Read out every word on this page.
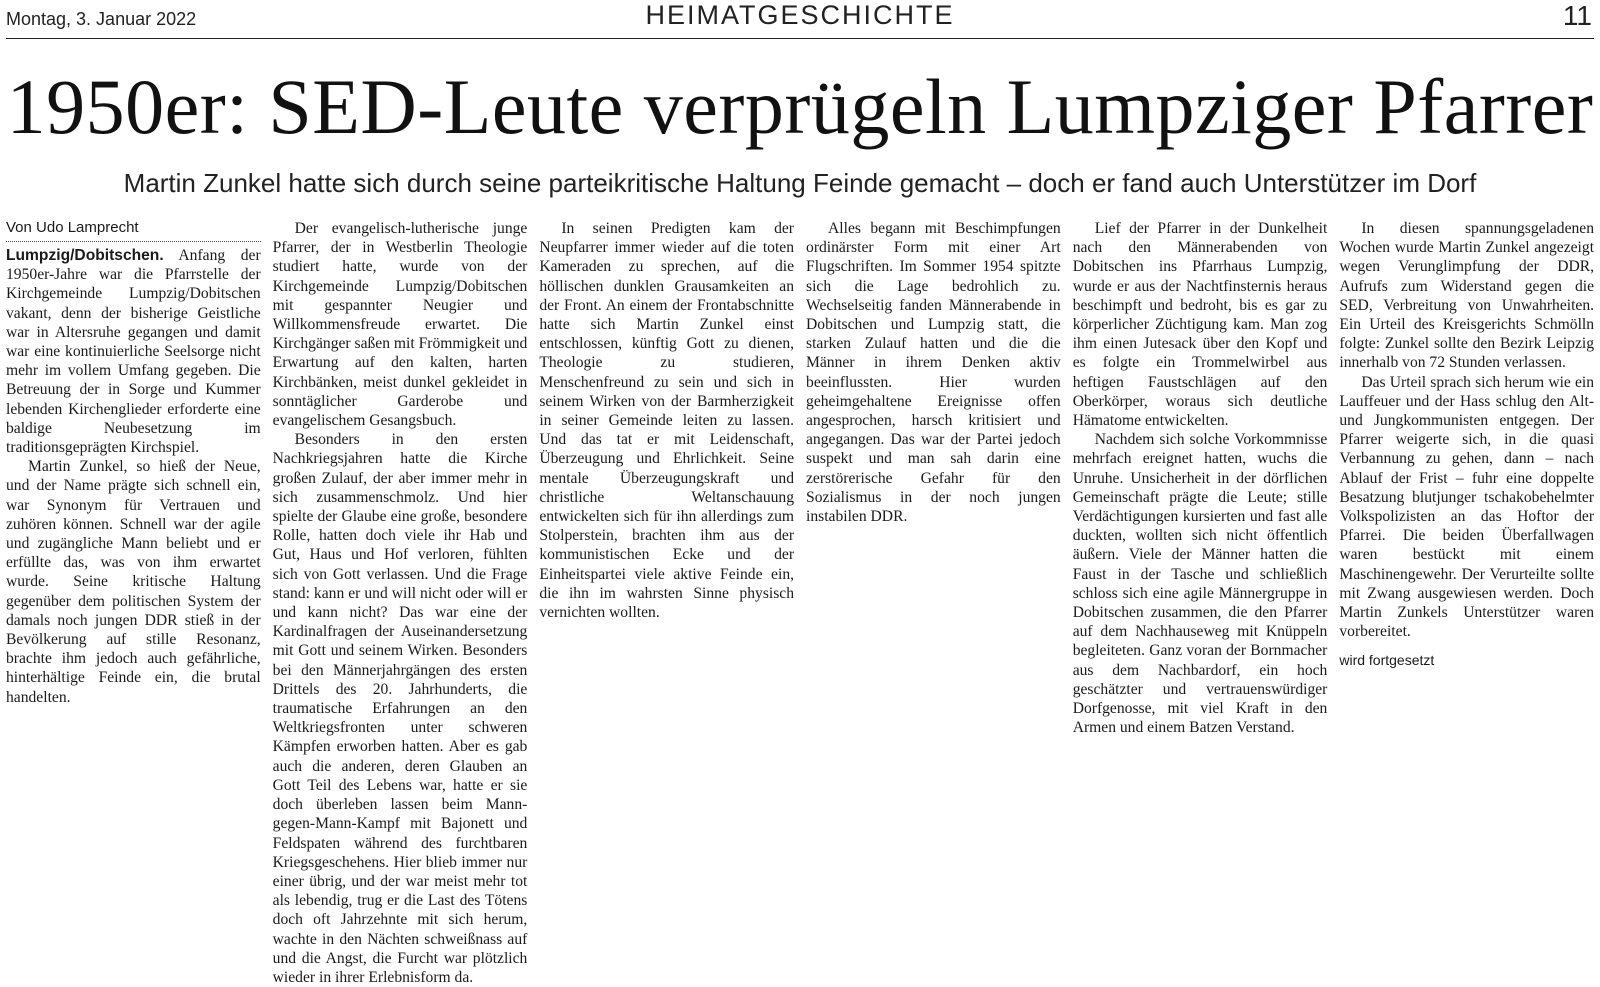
Montag, 3. Januar 2022	HEIMATGESCHICHTE	11
1950er: SED-Leute verprügeln Lumpziger Pfarrer
Martin Zunkel hatte sich durch seine parteikritische Haltung Feinde gemacht – doch er fand auch Unterstützer im Dorf
Von Udo Lamprecht

Lumpzig/Dobitschen. Anfang der 1950er-Jahre war die Pfarrstelle der Kirchgemeinde Lumpzig/Dobitschen vakant, denn der bisherige Geistliche war in Altersruhe gegangen und damit war eine kontinuierliche Seelsorge nicht mehr im vollem Umfang gegeben. Die Betreuung der in Sorge und Kummer lebenden Kirchenglieder erforderte eine baldige Neubesetzung im traditionsgeprägten Kirchspiel.

Martin Zunkel, so hieß der Neue, und der Name prägte sich schnell ein, war Synonym für Vertrauen und zuhören können. Schnell war der agile und zugängliche Mann beliebt und er erfüllte das, was von ihm erwartet wurde. Seine kritische Haltung gegenüber dem politischen System der damals noch jungen DDR stieß in der Bevölkerung auf stille Resonanz, brachte ihm jedoch auch gefährliche, hinterhältige Feinde ein, die brutal handelten.

Der evangelisch-lutherische junge Pfarrer, der in Westberlin Theologie studiert hatte, wurde von der Kirchgemeinde Lumpzig/Dobitschen mit gespannter Neugier und Willkommensfreude erwartet. Die Kirchgänger saßen mit Frömmigkeit und Erwartung auf den kalten, harten Kirchbänken, meist dunkel gekleidet in sonntäglicher Garderobe und evangelischem Gesangsbuch.

Besonders in den ersten Nachkriegsjahren hatte die Kirche großen Zulauf, der aber immer mehr in sich zusammenschmolz. Und hier spielte der Glaube eine große, besondere Rolle, hatten doch viele ihr Hab und Gut, Haus und Hof verloren, fühlten sich von Gott verlassen. Und die Frage stand: kann er und will nicht oder will er und kann nicht? Das war eine der Kardinalfragen der Auseinandersetzung mit Gott und seinem Wirken. Besonders bei den Männerjahrgängen des ersten Drittels des 20. Jahrhunderts, die traumatische Erfahrungen an den Weltkriegsfronten unter schweren Kämpfen erworben hatten. Aber es gab auch die anderen, deren Glauben an Gott Teil des Lebens war, hatte er sie doch überleben lassen beim Mann-gegen-Mann-Kampf mit Bajonett und Feldspaten während des furchtbaren Kriegsgeschehens. Hier blieb immer nur einer übrig, und der war meist mehr tot als lebendig, trug er die Last des Tötens doch oft Jahrzehnte mit sich herum, wachte in den Nächten schweißnass auf und die Angst, die Furcht war plötzlich wieder in ihrer Erlebnisform da.

In seinen Predigten kam der Neupfarrer immer wieder auf die toten Kameraden zu sprechen, auf die höllischen dunklen Grausamkeiten an der Front. An einem der Frontabschnitte hatte sich Martin Zunkel einst entschlossen, künftig Gott zu dienen, Theologie zu studieren, Menschenfreund zu sein und sich in seinem Wirken von der Barmherzigkeit in seiner Gemeinde leiten zu lassen. Und das tat er mit Leidenschaft, Überzeugung und Ehrlichkeit. Seine mentale Überzeugungskraft und christliche Weltanschauung entwickelten sich für ihn allerdings zum Stolperstein, brachten ihm aus der kommunistischen Ecke und der Einheitspartei viele aktive Feinde ein, die ihn im wahrsten Sinne physisch vernichten wollten.

Alles begann mit Beschimpfungen ordinärster Form mit einer Art Flugschriften. Im Sommer 1954 spitzte sich die Lage bedrohlich zu. Wechselseitig fanden Männerabende in Dobitschen und Lumpzig statt, die starken Zulauf hatten und die die Männer in ihrem Denken aktiv beeinflussten. Hier wurden geheimgehaltene Ereignisse offen angesprochen, harsch kritisiert und angegangen. Das war der Partei jedoch suspekt und man sah darin eine zerstörerische Gefahr für den Sozialismus in der noch jungen instabilen DDR.

Lief der Pfarrer in der Dunkelheit nach den Männerabenden von Dobitschen ins Pfarrhaus Lumpzig, wurde er aus der Nachtfinsternis heraus beschimpft und bedroht, bis es gar zu körperlicher Züchtigung kam. Man zog ihm einen Jutesack über den Kopf und es folgte ein Trommelwirbel aus heftigen Faustschlägen auf den Oberkörper, woraus sich deutliche Hämatome entwickelten.

Nachdem sich solche Vorkommnisse mehrfach ereignet hatten, wuchs die Unruhe. Unsicherheit in der dörflichen Gemeinschaft prägte die Leute; stille Verdächtigungen kursierten und fast alle duckten, wollten sich nicht öffentlich äußern. Viele der Männer hatten die Faust in der Tasche und schließlich schloss sich eine agile Männergruppe in Dobitschen zusammen, die den Pfarrer auf dem Nachhauseweg mit Knüppeln begleiteten. Ganz voran der Bornmacher aus dem Nachbardorf, ein hoch geschätzter und vertrauenswürdiger Dorfgenosse, mit viel Kraft in den Armen und einem Batzen Verstand.

In diesen spannungsgeladenen Wochen wurde Martin Zunkel angezeigt wegen Verunglimpfung der DDR, Aufrufs zum Widerstand gegen die SED, Verbreitung von Unwahrheiten. Ein Urteil des Kreisgerichts Schmölln folgte: Zunkel sollte den Bezirk Leipzig innerhalb von 72 Stunden verlassen.

Das Urteil sprach sich herum wie ein Lauffeuer und der Hass schlug den Alt- und Jungkommunisten entgegen. Der Pfarrer weigerte sich, in die quasi Verbannung zu gehen, dann – nach Ablauf der Frist – fuhr eine doppelte Besatzung blutjunger tschakobehelmter Volkspolizisten an das Hoftor der Pfarrei. Die beiden Überfallwagen waren bestückt mit einem Maschinengewehr. Der Verurteilte sollte mit Zwang ausgewiesen werden. Doch Martin Zunkels Unterstützer waren vorbereitet.

wird fortgesetzt
